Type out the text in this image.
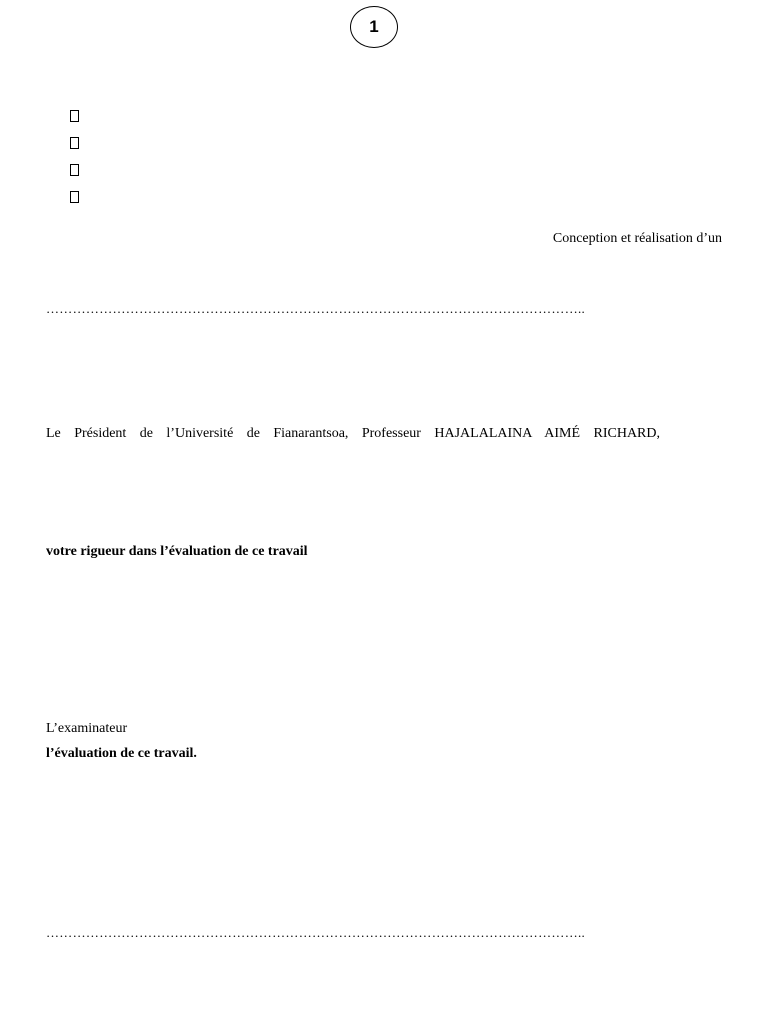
1
Conception et réalisation d’un
…………………………………………………………………………………………………………..
Le Président de l’Université de Fianarantsoa, Professeur HAJALALAINA AIMÉ RICHARD,
votre rigueur dans l’évaluation de ce travail
L’examinateur
l’évaluation de ce travail.
…………………………………………………………………………………………………………..
